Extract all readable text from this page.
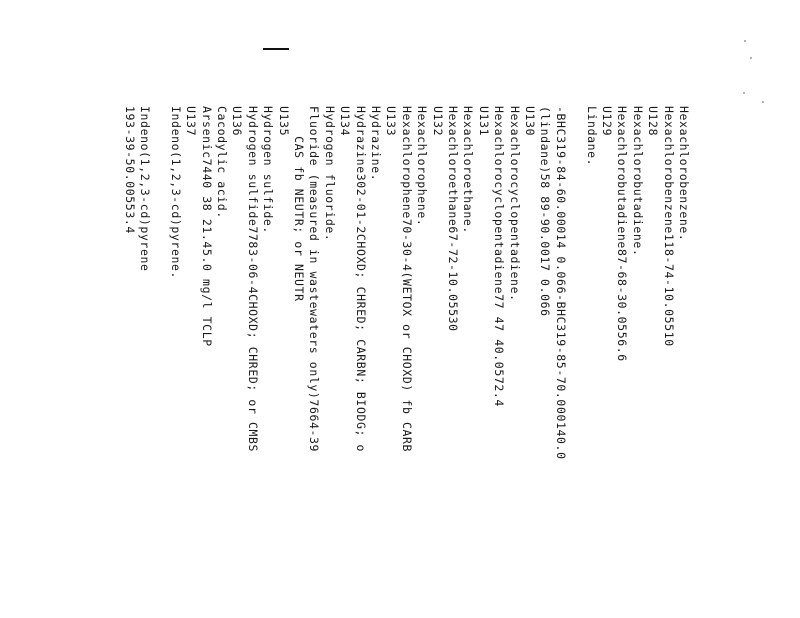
Hexachlorobenzene.
Hexachlorobenzene118-74-10.05510
U128
Hexachlorobutadiene.
Hexachlorobutadiene87-68-30.0556.6
U129
Lindane.
-BHC319-84-60.00014 0.066-BHC319-85-70.000140.0
(lindane)58 89-90.0017 0.066
U130
Hexachlorocyclopentadiene.
Hexachlorocyclopentadiene77 47 40.0572.4
U131
Hexachloroethane.
Hexachloroethane67-72-10.05530
U132
Hexachlorophene.
Hexachlorophene70-30-4(WETOX or CHOXD) fb CARB
U133
Hydrazine.
Hydrazine302-01-2CHOXD; CHRED; CARBN; BIODG; o
U134
Hydrogen fluoride.
Fluoride (measured in wastewaters only)7664-39
CAS fb NEUTR; or NEUTR
U135
Hydrogen sulfide.
Hydrogen sulfide7783-06-4CHOXD; CHRED; or CMBS
U136
Cacodylic acid.
Arsenic7440 38 21.45.0 mg/l TCLP
U137
Indeno(1,2,3-cd)pyrene.
Indeno(1,2,3-cd)pyrene
193-39-50.00553.4
